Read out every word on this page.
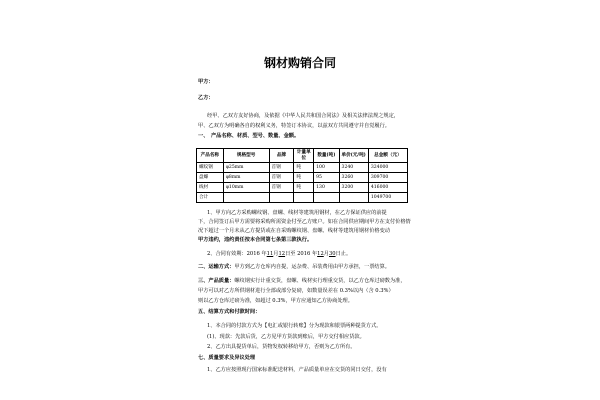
钢材购销合同
甲方：
乙方：
经甲、乙双方友好协商，及依据《中华人民共和国合同法》及相关法律法规之规定，
甲、乙双方为明确各自的权利义务，特签订本协议，以兹双方共同遵守并自觉履行。
一、　产品名称、材质、型号、数量、金额。
产品名称	规格型号	品牌	计量单位	数量(吨)	单价(元/吨)	总金额（元）
螺纹钢	φ25mm	首钢	吨	100	3240	324000
盘螺	φ8mm	首钢	吨	95	3260	309700
线材	φ10mm	首钢	吨	130	3200	416000
合计						1049700
1、甲方向乙方采购螺纹钢、盘螺、线材等建筑用钢材，在乙方保证供应的前提
下，合同签订后甲方需要将采购所需资金付至乙方账户。如在合同供应期间甲方在支付价格情
况下超过一个月未从乙方提货或在自采购螺纹钢、盘螺、线材等建筑用钢材价格变动
甲方违约，违约责任按本合同第七条第三款执行。
2、合同有效期：2016 年11月12日至 2016 年12月30日止。
二、运输方式：甲方到乙方仓库内自提，运杂费、吊装费用由甲方承担，一票结算。
三、产品质量：螺纹钢实行计重交货，盘螺、线材实行理重交货，以乙方仓库过磅数为准，
甲方可以对乙方所供钢材进行全部或部分复磅，如数量误差在 0.3%以内（含 0.3%）
则以乙方仓库过磅为准，如超过 0.3%，甲方应通知乙方协商处理。
五、结算方式和付款时间：
1、本合同的付款方式为【电汇或银行转账】分为现款和银票两种提货方式。
(1)、现款：先款后货，乙方见甲方货款到账后，甲方交付相应货款。
2、乙方出具提货单后，货物发权转移给甲方，否则为乙方所有。
七、质量要求及异议处理
1、乙方应按照现行国家标准配送材料，产品质量单应在交货的同日交付，没有
